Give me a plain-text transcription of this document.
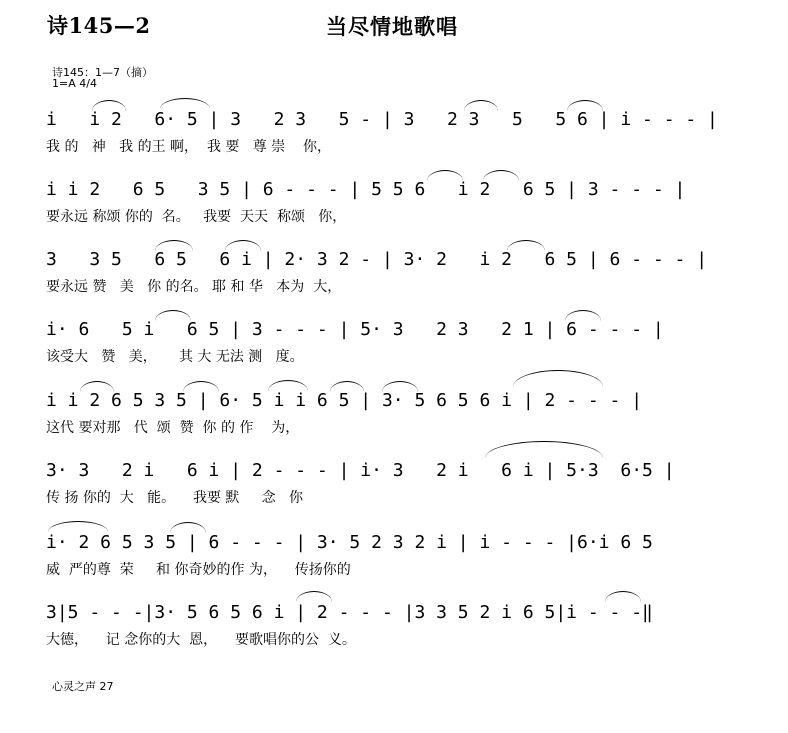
诗145—2	当尽情地歌唱
诗145：1—7（摘）
1=A 4/4
i   i 2   6· 5 | 3   2 3   5 - | 3   2 3   5   5 6 | i - - - |
我 的   神   我 的王 啊，  我 要   尊 崇    你，
i i 2   6 5   3 5 | 6 - - - | 5 5 6   i 2   6 5 | 3 - - - |
要永远 称颂 你的  名。   我要  天天  称颂   你，
3   3 5   6 5   6 i | 2· 3 2 - | 3· 2   i 2   6 5 | 6 - - - |
要永远 赞   美   你 的名。 耶 和 华   本为  大，
i· 6   5 i   6 5 | 3 - - - | 5· 3   2 3   2 1 | 6 - - - |
该受大   赞   美，     其 大 无法 测   度。
i i 2 6 5 3 5 | 6· 5 i i 6 5 | 3· 5 6 5 6 i | 2 - - - |
这代 要对那   代  颂  赞  你 的 作    为，
3· 3   2 i   6 i | 2 - - - | i· 3   2 i   6 i | 5·3  6·5 |
传 扬 你的  大   能。    我要 默     念   你
i· 2 6 5 3 5 | 6 - - - | 3· 5 2 3 2 i | i - - - |6·i 6 5
威  严的尊  荣     和 你奇妙的作 为，    传扬你的
3|5 - - -|3· 5 6 5 6 i | 2 - - - |3 3 5 2 i 6 5|i - - -‖
大德，    记 念你的大  恩，    要歌唱你的公  义。
心灵之声 27
